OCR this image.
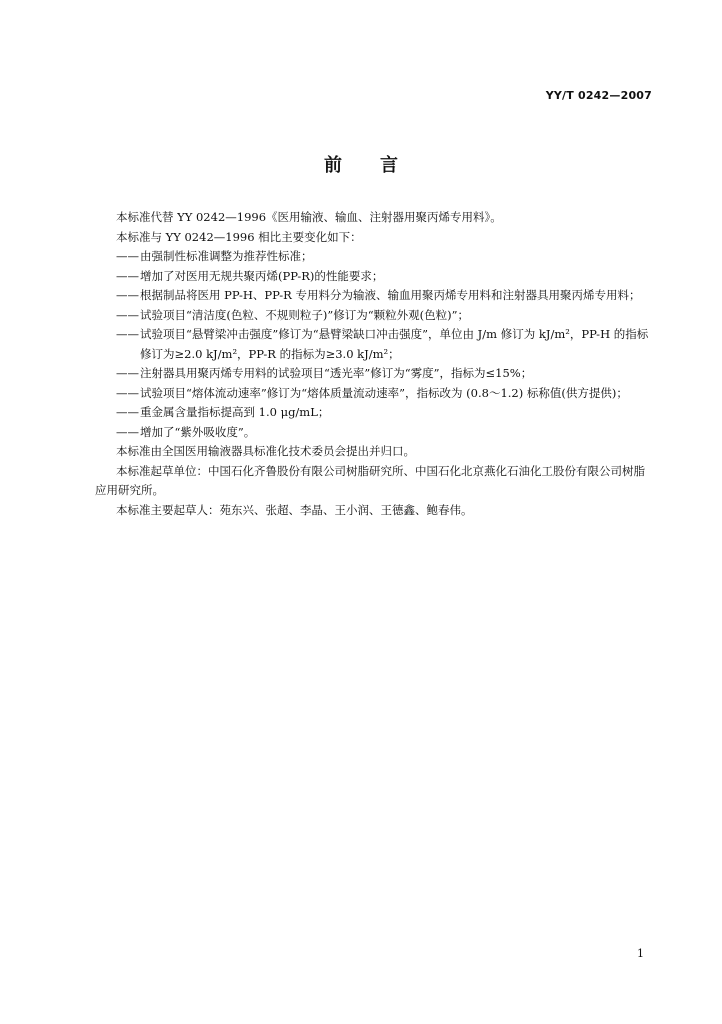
YY/T 0242—2007
前言

本标准代替 YY 0242—1996《医用输液、输血、注射器用聚丙烯专用料》。

本标准与 YY 0242—1996 相比主要变化如下：

—— 由强制性标准调整为推荐性标准；

—— 增加了对医用无规共聚丙烯(PP-R)的性能要求；

—— 根据制品将医用 PP-H、PP-R 专用料分为输液、输血用聚丙烯专用料和注射器具用聚丙烯专用料；

—— 试验项目“清洁度(色粒、不规则粒子)”修订为“颗粒外观(色粒)”；

—— 试验项目“悬臂梁冲击强度”修订为“悬臂梁缺口冲击强度”，单位由 J/m 修订为 kJ/m²，PP-H 的指标修订为≥2.0 kJ/m²，PP-R 的指标为≥3.0 kJ/m²；

—— 注射器具用聚丙烯专用料的试验项目“透光率”修订为“雾度”，指标为≤15%；

—— 试验项目“熔体流动速率”修订为“熔体质量流动速率”，指标改为 (0.8～1.2) 标称值(供方提供)；

—— 重金属含量指标提高到 1.0 μg/mL；

—— 增加了“紫外吸收度”。

本标准由全国医用输液器具标准化技术委员会提出并归口。

本标准起草单位：中国石化齐鲁股份有限公司树脂研究所、中国石化北京燕化石油化工股份有限公司树脂应用研究所。

本标准主要起草人：苑东兴、张超、李晶、王小润、王德鑫、鲍春伟。

1
